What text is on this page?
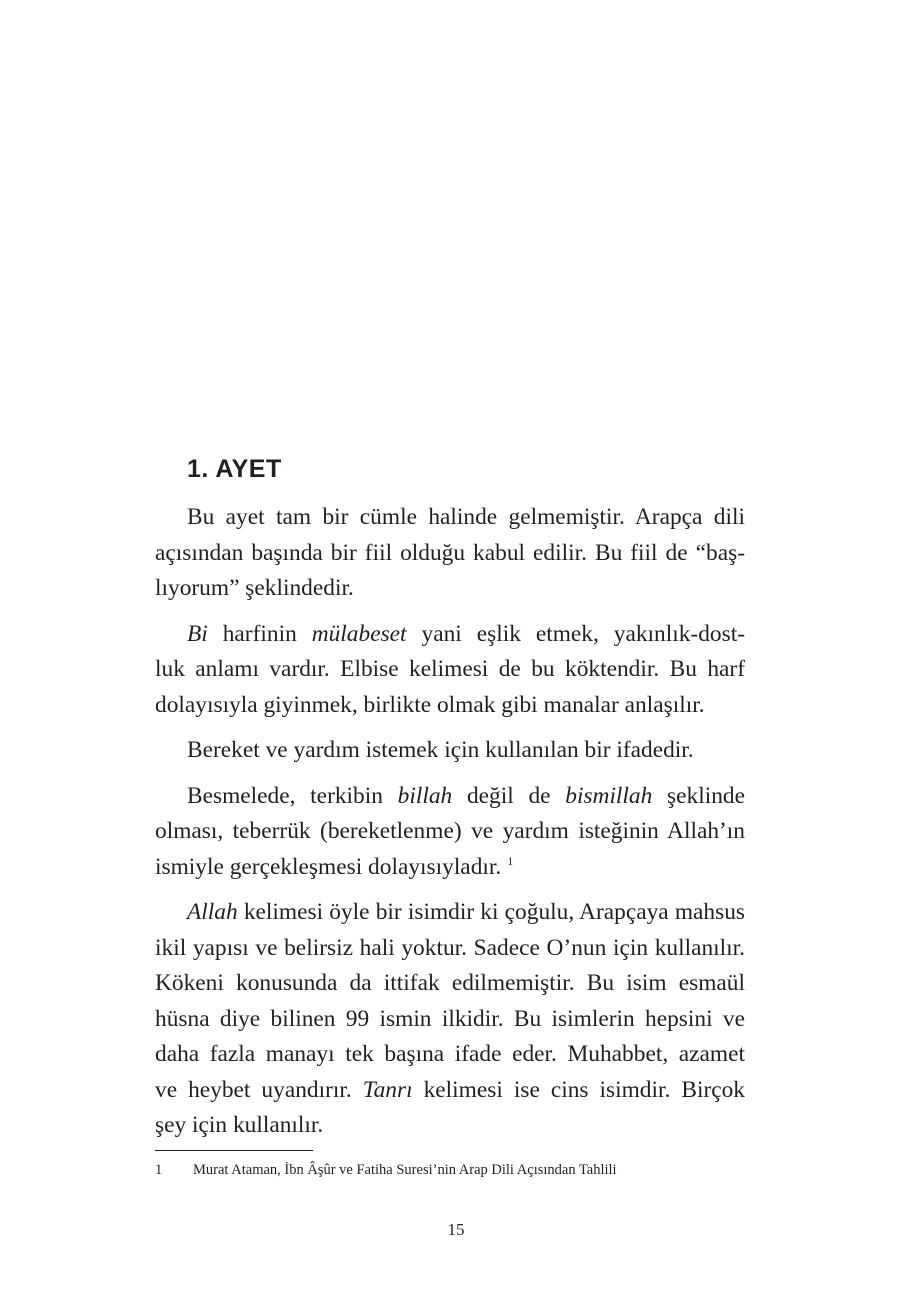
1. AYET

Bu ayet tam bir cümle halinde gelmemiştir. Arapça dili
açısından başında bir fiil olduğu kabul edilir. Bu fiil de “baş-
lıyorum” şeklindedir.

Bi harfinin mülabeset yani eşlik etmek, yakınlık-dost-
luk anlamı vardır. Elbise kelimesi de bu köktendir. Bu harf
dolayısıyla giyinmek, birlikte olmak gibi manalar anlaşılır.

Bereket ve yardım istemek için kullanılan bir ifadedir.

Besmelede, terkibin billah değil de bismillah şeklinde
olması, teberrük (bereketlenme) ve yardım isteğinin Allah’ın
ismiyle gerçekleşmesi dolayısıyladır. $^1$

Allah kelimesi öyle bir isimdir ki çoğulu, Arapçaya mahsus
ikil yapısı ve belirsiz hali yoktur. Sadece O’nun için kullanılır.
Kökeni konusunda da ittifak edilmemiştir. Bu isim esmaül
hüsna diye bilinen 99 ismin ilkidir. Bu isimlerin hepsini ve
daha fazla manayı tek başına ifade eder. Muhabbet, azamet
ve heybet uyandırır. Tanrı kelimesi ise cins isimdir. Birçok
şey için kullanılır.

1 Murat Ataman, İbn Âşûr ve Fatiha Suresi’nin Arap Dili Açısından Tahlili
15
